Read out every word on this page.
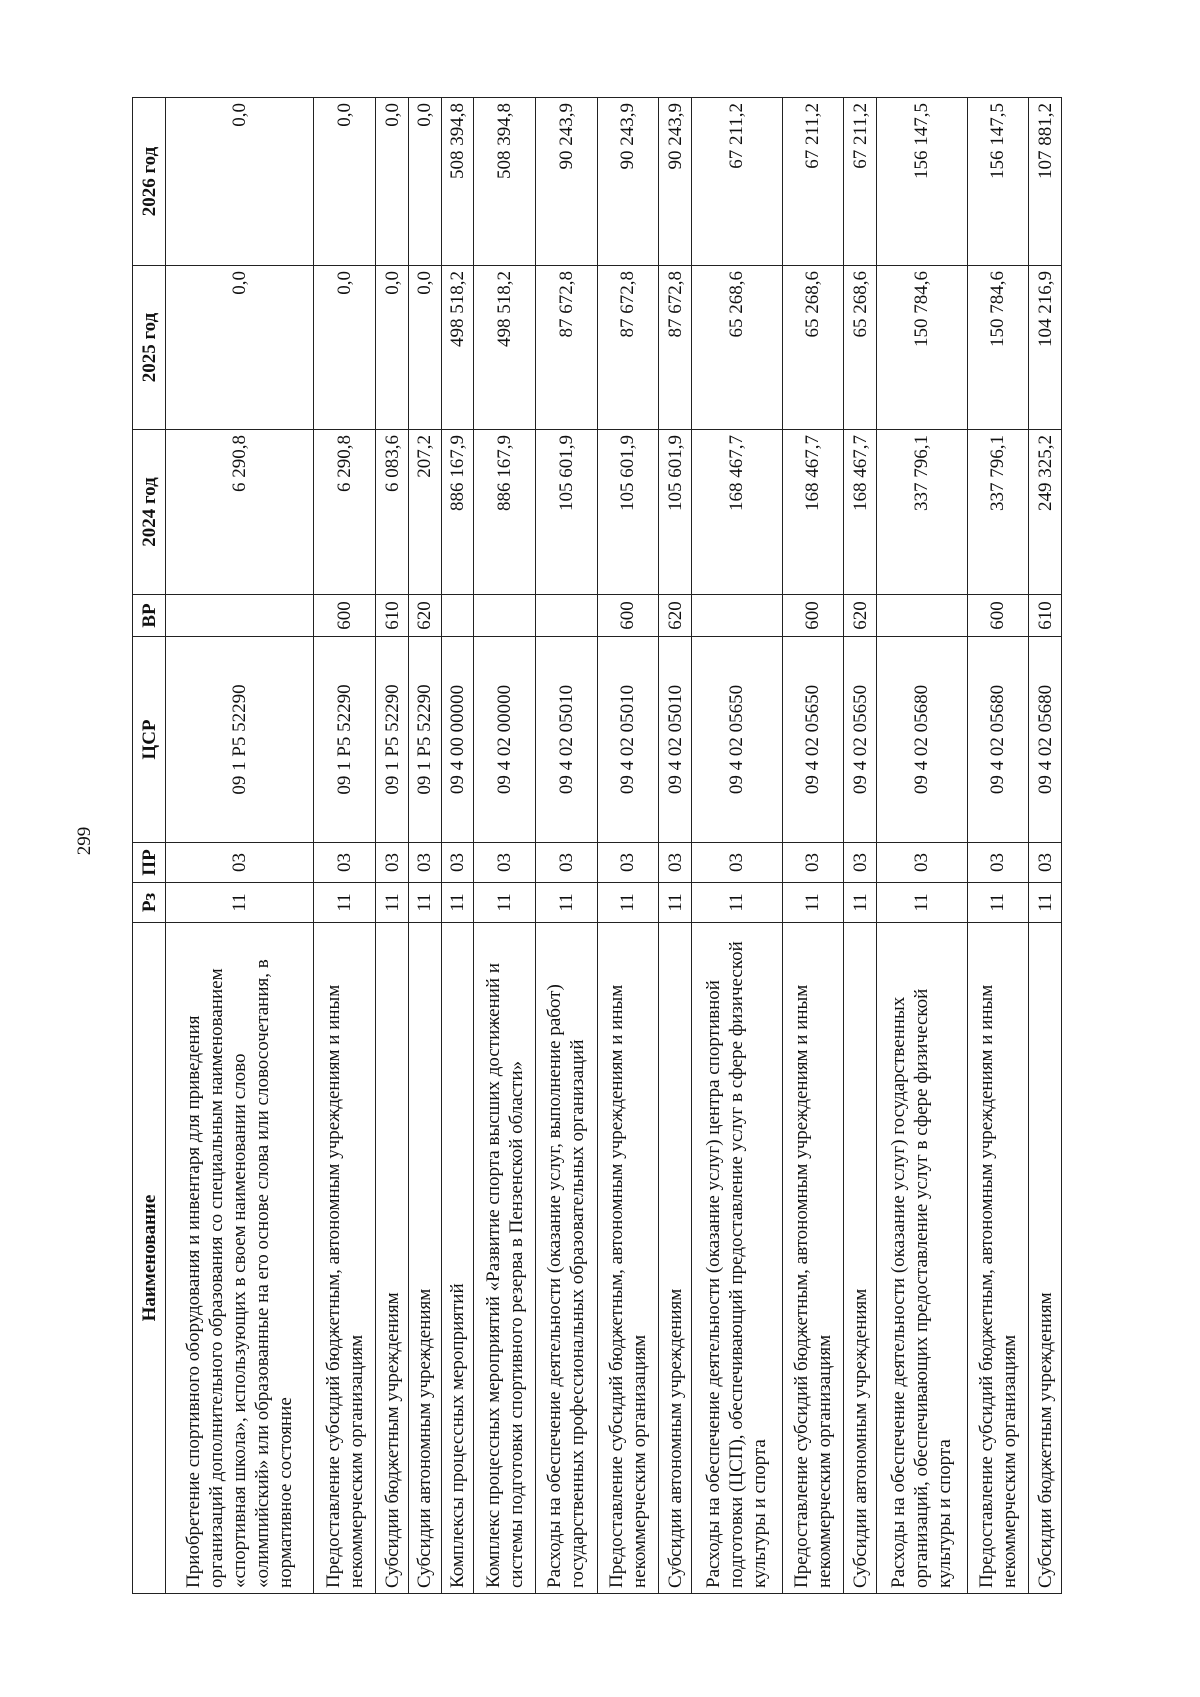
299
Наименование	Рз	ПР	ЦСР	ВР	2024 год	2025 год	2026 год
Приобретение спортивного оборудования и инвентаря для приведения организаций дополнительного образования со специальным наименованием «спортивная школа», использующих в своем наименовании слово «олимпийский» или образованные на его основе слова или словосочетания, в нормативное состояние	11	03	09 1 P5 52290		6 290,8	0,0	0,0
Предоставление субсидий бюджетным, автономным учреждениям и иным некоммерческим организациям	11	03	09 1 P5 52290	600	6 290,8	0,0	0,0
Субсидии бюджетным учреждениям	11	03	09 1 P5 52290	610	6 083,6	0,0	0,0
Субсидии автономным учреждениям	11	03	09 1 P5 52290	620	207,2	0,0	0,0
Комплексы процессных мероприятий	11	03	09 4 00 00000		886 167,9	498 518,2	508 394,8
Комплекс процессных мероприятий «Развитие спорта высших достижений и системы подготовки спортивного резерва в Пензенской области»	11	03	09 4 02 00000		886 167,9	498 518,2	508 394,8
Расходы на обеспечение деятельности (оказание услуг, выполнение работ) государственных профессиональных образовательных организаций	11	03	09 4 02 05010		105 601,9	87 672,8	90 243,9
Предоставление субсидий бюджетным, автономным учреждениям и иным некоммерческим организациям	11	03	09 4 02 05010	600	105 601,9	87 672,8	90 243,9
Субсидии автономным учреждениям	11	03	09 4 02 05010	620	105 601,9	87 672,8	90 243,9
Расходы на обеспечение деятельности (оказание услуг) центра спортивной подготовки (ЦСП), обеспечивающий предоставление услуг в сфере физической культуры и спорта	11	03	09 4 02 05650		168 467,7	65 268,6	67 211,2
Предоставление субсидий бюджетным, автономным учреждениям и иным некоммерческим организациям	11	03	09 4 02 05650	600	168 467,7	65 268,6	67 211,2
Субсидии автономным учреждениям	11	03	09 4 02 05650	620	168 467,7	65 268,6	67 211,2
Расходы на обеспечение деятельности (оказание услуг) государственных организаций, обеспечивающих предоставление услуг в сфере физической культуры и спорта	11	03	09 4 02 05680		337 796,1	150 784,6	156 147,5
Предоставление субсидий бюджетным, автономным учреждениям и иным некоммерческим организациям	11	03	09 4 02 05680	600	337 796,1	150 784,6	156 147,5
Субсидии бюджетным учреждениям	11	03	09 4 02 05680	610	249 325,2	104 216,9	107 881,2
